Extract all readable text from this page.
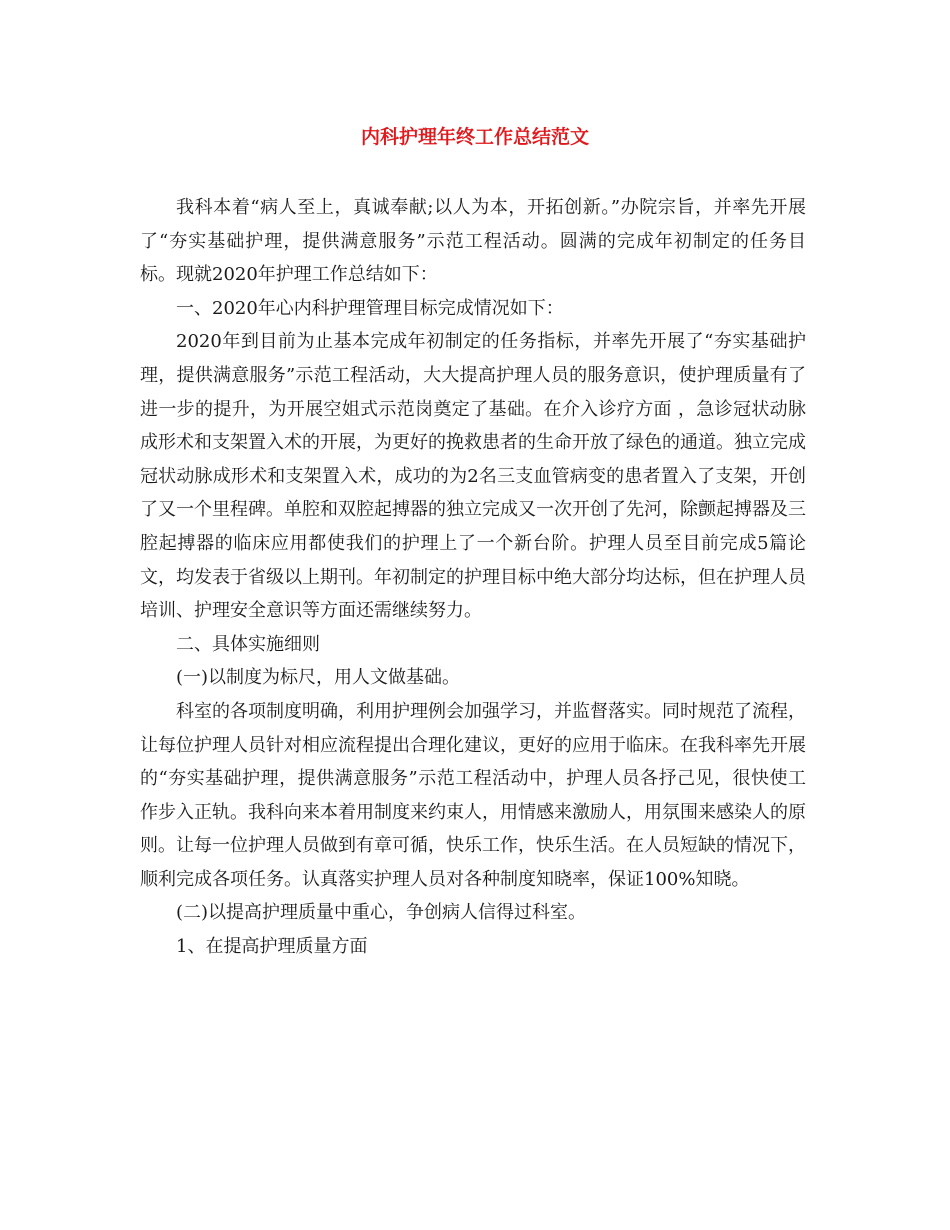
内科护理年终工作总结范文

我科本着“病人至上，真诚奉献;以人为本，开拓创新。”办院宗旨，并率先开展了“夯实基础护理，提供满意服务”示范工程活动。圆满的完成年初制定的任务目标。现就2020年护理工作总结如下：

一、2020年心内科护理管理目标完成情况如下：

2020年到目前为止基本完成年初制定的任务指标，并率先开展了“夯实基础护理，提供满意服务”示范工程活动，大大提高护理人员的服务意识，使护理质量有了进一步的提升，为开展空姐式示范岗奠定了基础。在介入诊疗方面 ，急诊冠状动脉成形术和支架置入术的开展，为更好的挽救患者的生命开放了绿色的通道。独立完成冠状动脉成形术和支架置入术，成功的为2名三支血管病变的患者置入了支架，开创了又一个里程碑。单腔和双腔起搏器的独立完成又一次开创了先河，除颤起搏器及三腔起搏器的临床应用都使我们的护理上了一个新台阶。护理人员至目前完成5篇论文，均发表于省级以上期刊。年初制定的护理目标中绝大部分均达标，但在护理人员培训、护理安全意识等方面还需继续努力。

二、具体实施细则

(一)以制度为标尺，用人文做基础。

科室的各项制度明确，利用护理例会加强学习，并监督落实。同时规范了流程，让每位护理人员针对相应流程提出合理化建议，更好的应用于临床。在我科率先开展的“夯实基础护理，提供满意服务”示范工程活动中，护理人员各抒己见，很快使工作步入正轨。我科向来本着用制度来约束人，用情感来激励人，用氛围来感染人的原则。让每一位护理人员做到有章可循，快乐工作，快乐生活。在人员短缺的情况下，顺利完成各项任务。认真落实护理人员对各种制度知晓率，保证100%知晓。

(二)以提高护理质量中重心，争创病人信得过科室。

1、在提高护理质量方面
